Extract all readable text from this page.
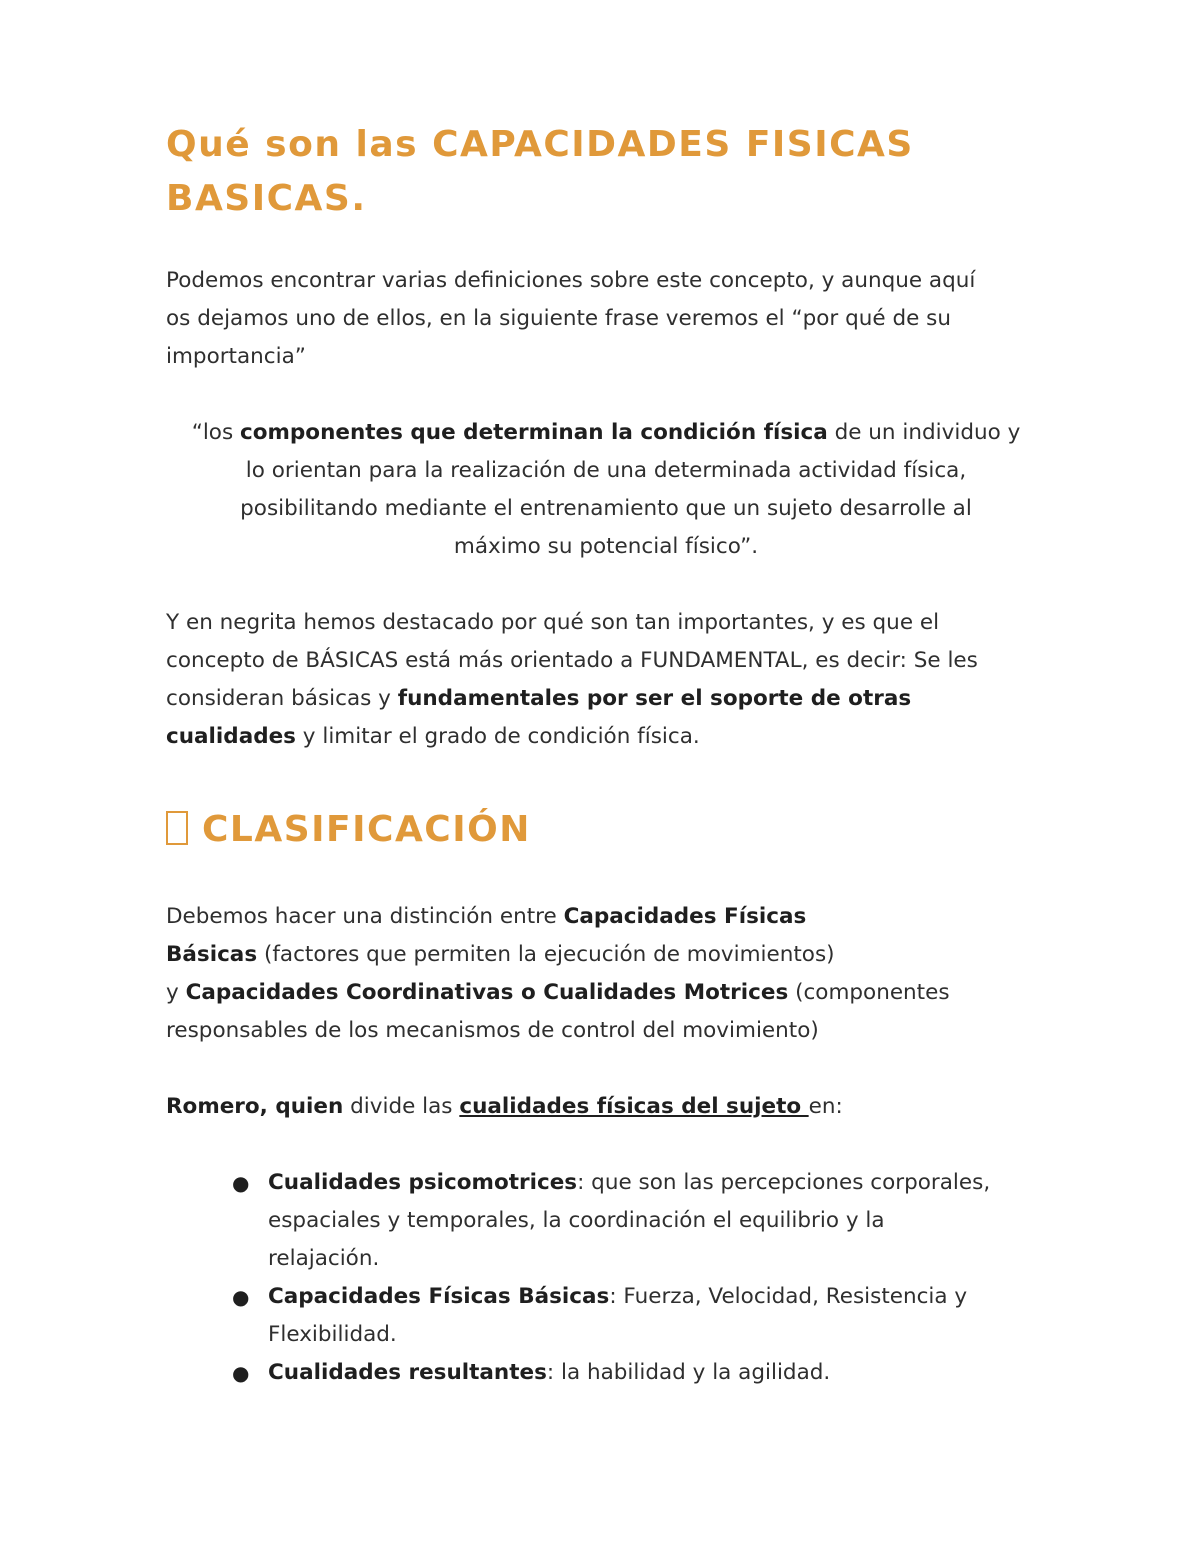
Qué son las CAPACIDADES FISICAS
BASICAS.

Podemos encontrar varias definiciones sobre este concepto, y aunque aquí
os dejamos uno de ellos, en la siguiente frase veremos el “por qué de su
importancia”

“los componentes que determinan la condición física de un individuo y
lo orientan para la realización de una determinada actividad física,
posibilitando mediante el entrenamiento que un sujeto desarrolle al
máximo su potencial físico”.

Y en negrita hemos destacado por qué son tan importantes, y es que el
concepto de BÁSICAS está más orientado a FUNDAMENTAL, es decir: Se les
consideran básicas y fundamentales por ser el soporte de otras
cualidades y limitar el grado de condición física.

CLASIFICACIÓN

Debemos hacer una distinción entre Capacidades Físicas
Básicas (factores que permiten la ejecución de movimientos)
y Capacidades Coordinativas o Cualidades Motrices (componentes
responsables de los mecanismos de control del movimiento)

Romero, quien divide las cualidades físicas del sujeto en:

● Cualidades psicomotrices: que son las percepciones corporales,
espaciales y temporales, la coordinación el equilibrio y la
relajación.
● Capacidades Físicas Básicas: Fuerza, Velocidad, Resistencia y
Flexibilidad.
● Cualidades resultantes: la habilidad y la agilidad.
